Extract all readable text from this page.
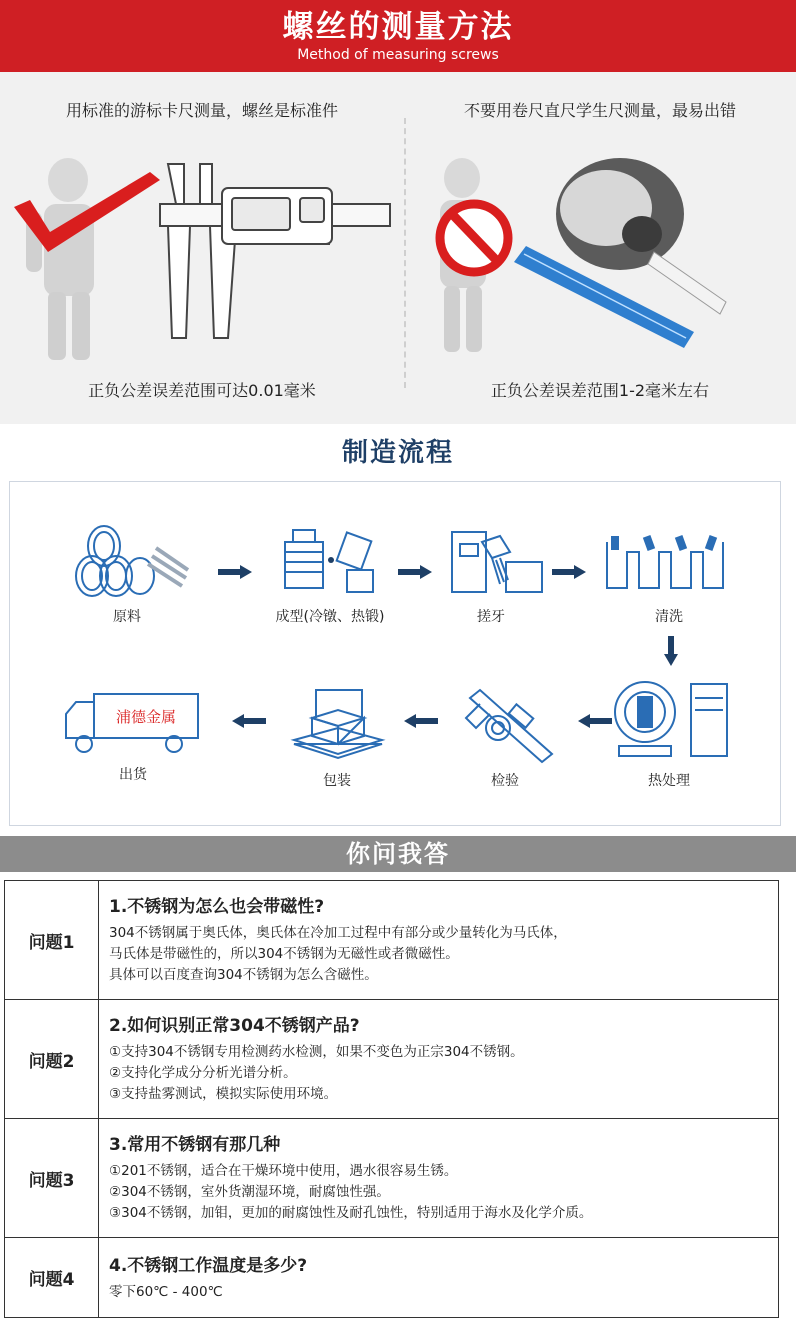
螺丝的测量方法
Method of measuring screws
用标准的游标卡尺测量，螺丝是标准件
正负公差误差范围可达0.01毫米
不要用卷尺直尺学生尺测量，最易出错
正负公差误差范围1-2毫米左右
制造流程
原料	成型(冷镦、热锻)	搓牙	清洗
热处理
检验
包装
浦德金属
出货
你问我答
问题1	1.不锈钢为怎么也会带磁性?
304不锈钢属于奥氏体，奥氏体在冷加工过程中有部分或少量转化为马氏体，
马氏体是带磁性的，所以304不锈钢为无磁性或者微磁性。
具体可以百度查询304不锈钢为怎么含磁性。

问题2	2.如何识别正常304不锈钢产品?
①支持304不锈钢专用检测药水检测，如果不变色为正宗304不锈钢。
②支持化学成分分析光谱分析。
③支持盐雾测试，模拟实际使用环境。

问题3	3.常用不锈钢有那几种
①201不锈钢，适合在干燥环境中使用，遇水很容易生锈。
②304不锈钢，室外货潮湿环境，耐腐蚀性强。
③304不锈钢，加钼，更加的耐腐蚀性及耐孔蚀性，特别适用于海水及化学介质。

问题4	4.不锈钢工作温度是多少?
零下60℃ - 400℃
